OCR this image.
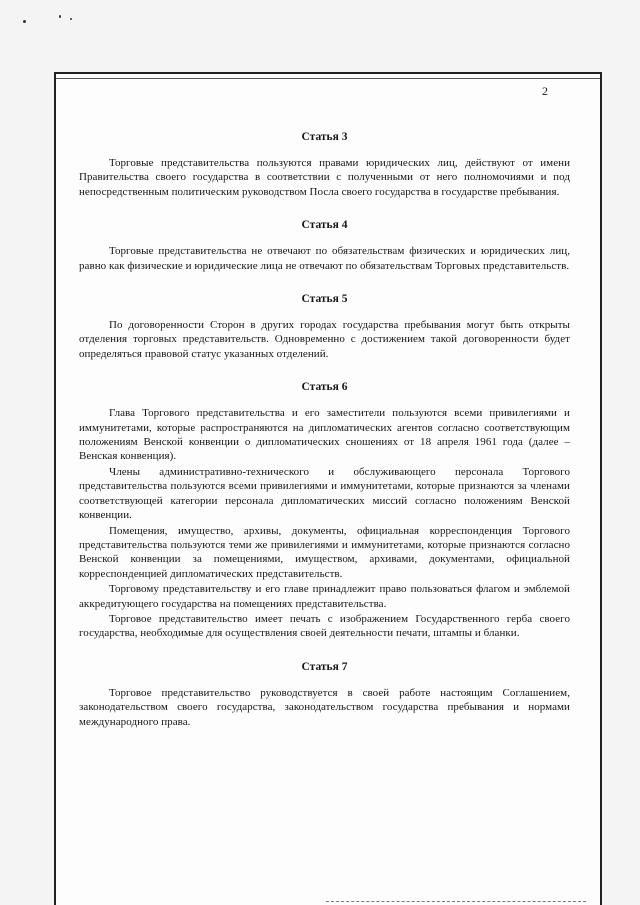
2
Статья 3

Торговые представительства пользуются правами юридических лиц, действуют от имени Правительства своего государства в соответствии с полученными от него полномочиями и под непосредственным политическим руководством Посла своего государства в государстве пребывания.

Статья 4

Торговые представительства не отвечают по обязательствам физических и юридических лиц, равно как физические и юридические лица не отвечают по обязательствам Торговых представительств.

Статья 5

По договоренности Сторон в других городах государства пребывания могут быть открыты отделения торговых представительств. Одновременно с достижением такой договоренности будет определяться правовой статус указанных отделений.

Статья 6

Глава Торгового представительства и его заместители пользуются всеми привилегиями и иммунитетами, которые распространяются на дипломатических агентов согласно соответствующим положениям Венской конвенции о дипломатических сношениях от 18 апреля 1961 года (далее – Венская конвенция).

Члены административно-технического и обслуживающего персонала Торгового представительства пользуются всеми привилегиями и иммунитетами, которые признаются за членами соответствующей категории персонала дипломатических миссий согласно положениям Венской конвенции.

Помещения, имущество, архивы, документы, официальная корреспонденция Торгового представительства пользуются теми же привилегиями и иммунитетами, которые признаются согласно Венской конвенции за помещениями, имуществом, архивами, документами, официальной корреспонденцией дипломатических представительств.

Торговому представительству и его главе принадлежит право пользоваться флагом и эмблемой аккредитующего государства на помещениях представительства.

Торговое представительство имеет печать с изображением Государственного герба своего государства, необходимые для осуществления своей деятельности печати, штампы и бланки.

Статья 7

Торговое представительство руководствуется в своей работе настоящим Соглашением, законодательством своего государства, законодательством государства пребывания и нормами международного права.
